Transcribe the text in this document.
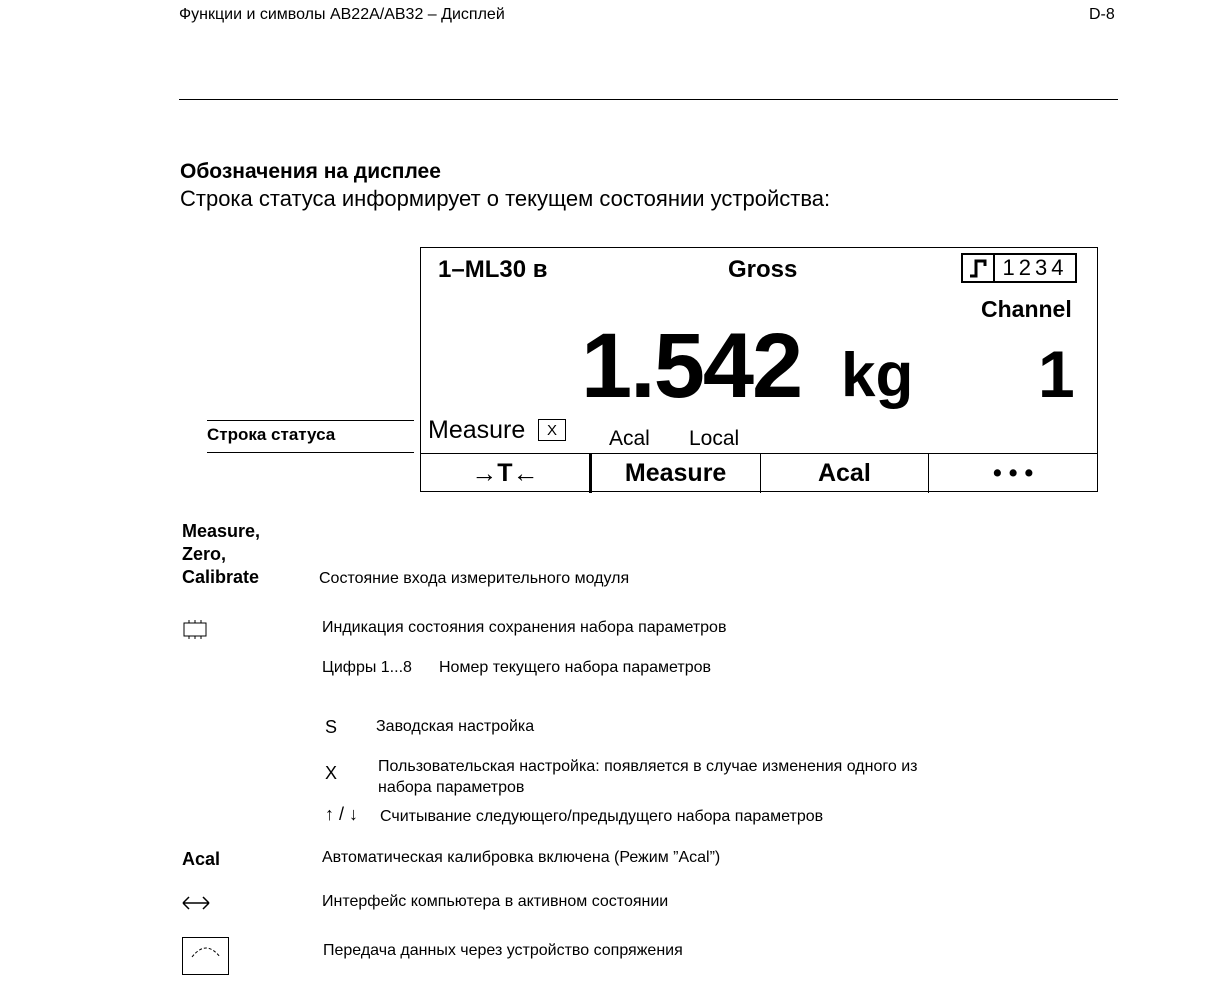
Функции и символы AB22A/AB32 – Дисплей	D-8
Обозначения на дисплее
Строка статуса информирует о текущем состоянии устройства:
Строка статуса
1–ML30 в	Gross	1234
Channel
1.542 kg 1
Measure	X	Acal Local
→ T ←	Measure	Acal	• • •
Measure,
Zero,
Calibrate	Состояние входа измерительного модуля
Индикация состояния сохранения набора параметров
Цифры 1...8 Номер текущего набора параметров
S Заводская настройка
X	Пользовательская настройка: появляется в случае изменения одного из
набора параметров
↑ / ↓ Считывание следующего/предыдущего набора параметров
Acal	Автоматическая калибровка включена (Режим ”Acal”)
Интерфейс компьютера в активном состоянии
Передача данных через устройство сопряжения
